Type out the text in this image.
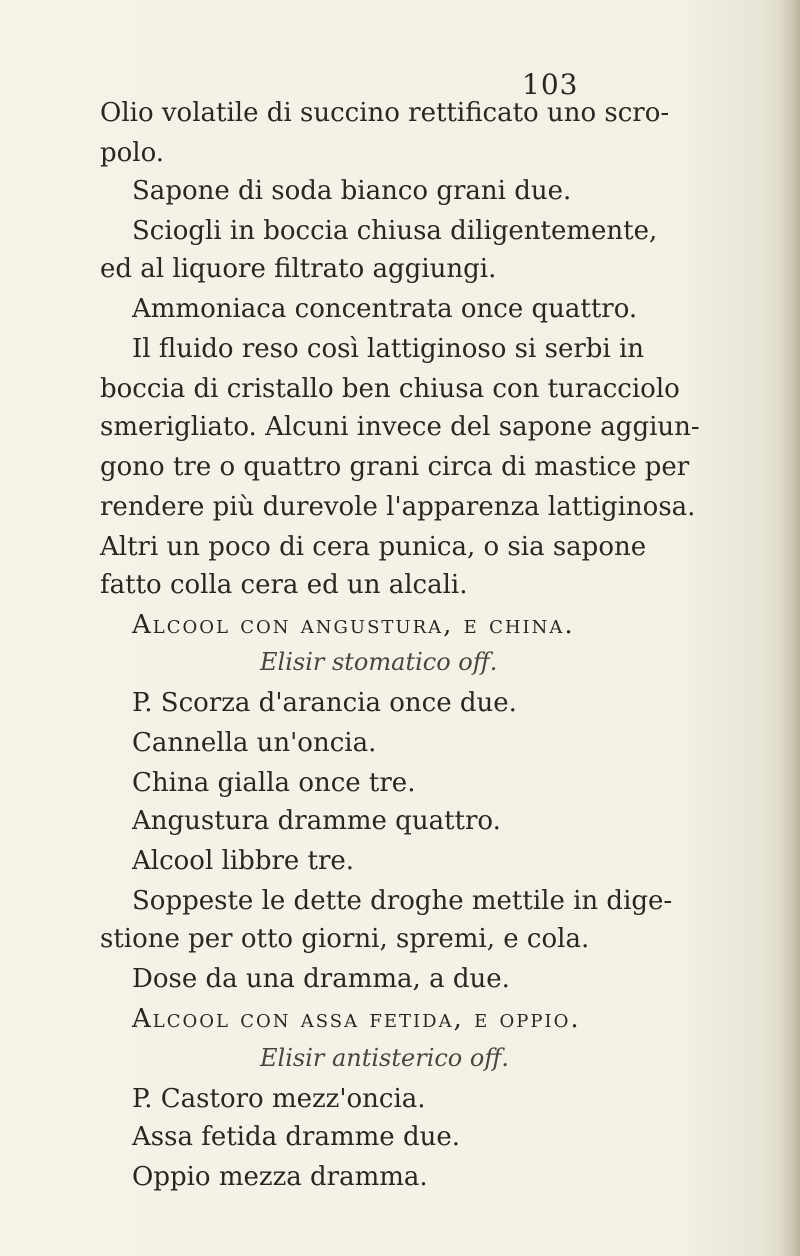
103
Olio volatile di succino rettificato uno scro-
polo.
Sapone di soda bianco grani due.
Sciogli in boccia chiusa diligentemente,
ed al liquore filtrato aggiungi.
Ammoniaca concentrata once quattro.
Il fluido reso così lattiginoso si serbi in
boccia di cristallo ben chiusa con turacciolo
smerigliato. Alcuni invece del sapone aggiun-
gono tre o quattro grani circa di mastice per
rendere più durevole l'apparenza lattiginosa.
Altri un poco di cera punica, o sia sapone
fatto colla cera ed un alcali.
Alcool con angustura, e china.
Elisir stomatico off.
P. Scorza d'arancia once due.
Cannella un'oncia.
China gialla once tre.
Angustura dramme quattro.
Alcool libbre tre.
Soppeste le dette droghe mettile in dige-
stione per otto giorni, spremi, e cola.
Dose da una dramma, a due.
Alcool con assa fetida, e oppio.
Elisir antisterico off.
P. Castoro mezz'oncia.
Assa fetida dramme due.
Oppio mezza dramma.
